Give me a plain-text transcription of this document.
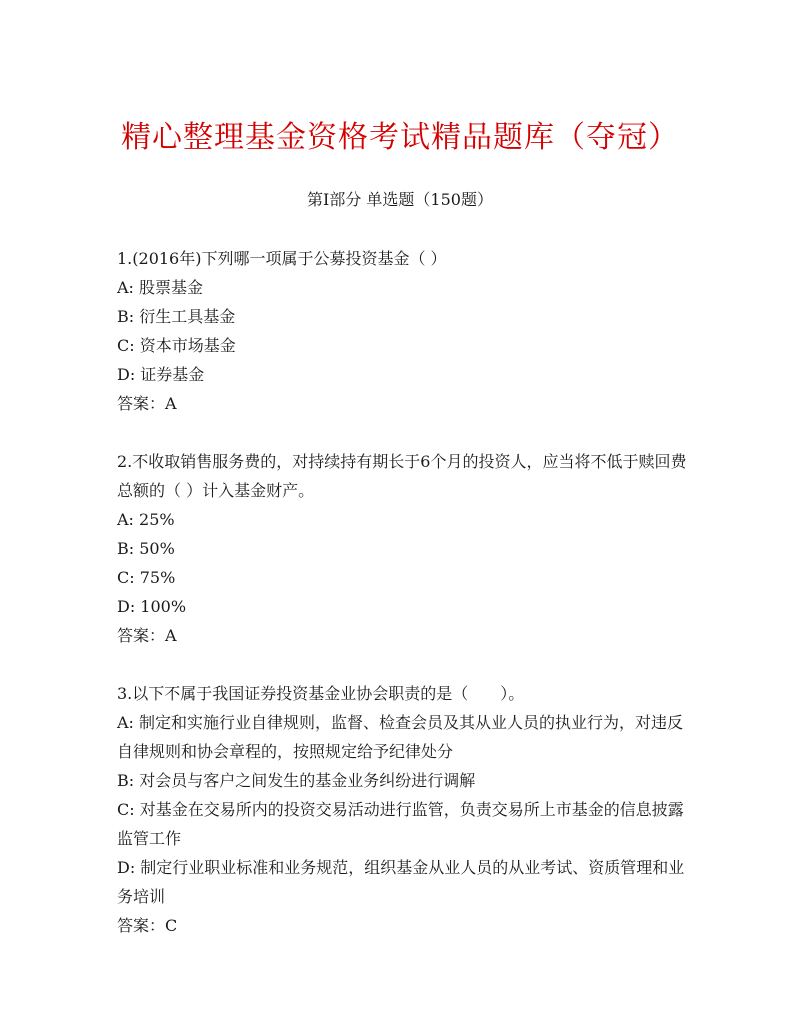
精心整理基金资格考试精品题库（夺冠）
第Ⅰ部分 单选题（150题）
1.(2016年)下列哪一项属于公募投资基金（ ）
A: 股票基金
B: 衍生工具基金
C: 资本市场基金
D: 证券基金
答案：A
2.不收取销售服务费的，对持续持有期长于6个月的投资人，应当将不低于赎回费总额的（ ）计入基金财产。
A: 25%
B: 50%
C: 75%
D: 100%
答案：A
3.以下不属于我国证券投资基金业协会职责的是（　　）。
A: 制定和实施行业自律规则，监督、检查会员及其从业人员的执业行为，对违反自律规则和协会章程的，按照规定给予纪律处分
B: 对会员与客户之间发生的基金业务纠纷进行调解
C: 对基金在交易所内的投资交易活动进行监管，负责交易所上市基金的信息披露监管工作
D: 制定行业职业标准和业务规范，组织基金从业人员的从业考试、资质管理和业务培训
答案：C
